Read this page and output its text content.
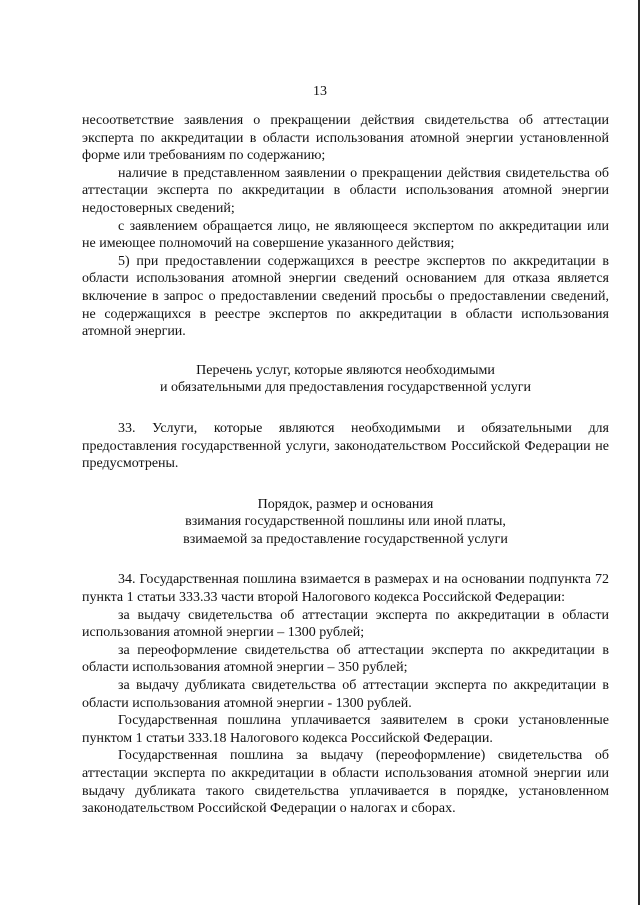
13

несоответствие заявления о прекращении действия свидетельства об аттестации эксперта по аккредитации в области использования атомной энергии установленной форме или требованиям по содержанию;

наличие в представленном заявлении о прекращении действия свидетельства об аттестации эксперта по аккредитации в области использования атомной энергии недостоверных сведений;

с заявлением обращается лицо, не являющееся экспертом по аккредитации или не имеющее полномочий на совершение указанного действия;

5) при предоставлении содержащихся в реестре экспертов по аккредитации в области использования атомной энергии сведений основанием для отказа является включение в запрос о предоставлении сведений просьбы о предоставлении сведений, не содержащихся в реестре экспертов по аккредитации в области использования атомной энергии.

Перечень услуг, которые являются необходимыми
и обязательными для предоставления государственной услуги

33. Услуги, которые являются необходимыми и обязательными для предоставления государственной услуги, законодательством Российской Федерации не предусмотрены.

Порядок, размер и основания
взимания государственной пошлины или иной платы,
взимаемой за предоставление государственной услуги

34. Государственная пошлина взимается в размерах и на основании подпункта 72 пункта 1 статьи 333.33 части второй Налогового кодекса Российской Федерации:

за выдачу свидетельства об аттестации эксперта по аккредитации в области использования атомной энергии – 1300 рублей;

за переоформление свидетельства об аттестации эксперта по аккредитации в области использования атомной энергии – 350 рублей;

за выдачу дубликата свидетельства об аттестации эксперта по аккредитации в области использования атомной энергии - 1300 рублей.

Государственная пошлина уплачивается заявителем в сроки установленные пунктом 1 статьи 333.18 Налогового кодекса Российской Федерации.

Государственная пошлина за выдачу (переоформление) свидетельства об аттестации эксперта по аккредитации в области использования атомной энергии или выдачу дубликата такого свидетельства уплачивается в порядке, установленном законодательством Российской Федерации о налогах и сборах.
